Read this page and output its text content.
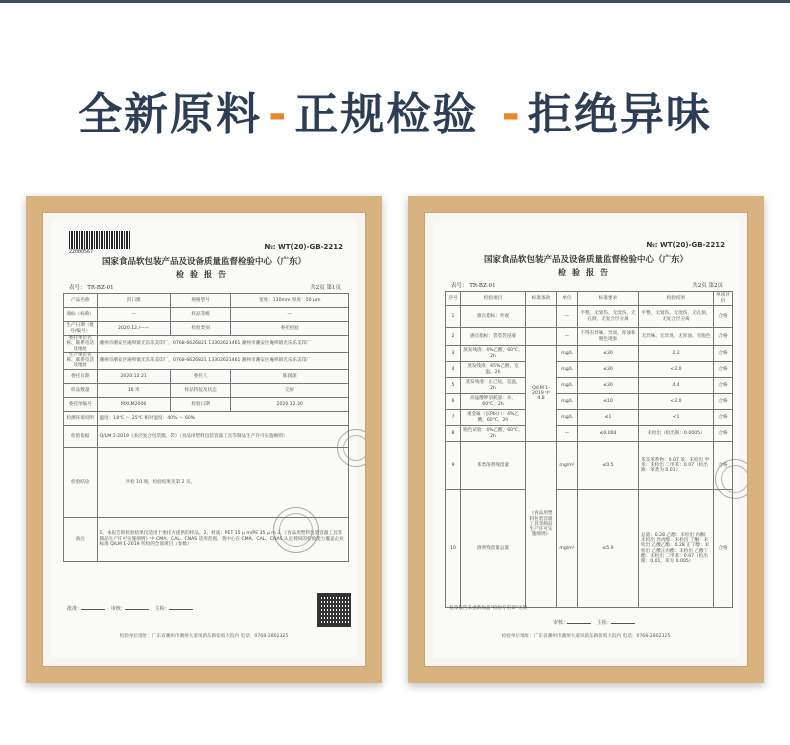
全新原料 - 正规检验 - 拒绝异味
22000567
№: WT(20)-GB-2212
国家食品软包装产品及设备质量监督检验中心（广东）
检验报告
表号： TR-BZ-01	共2页 第1页
产品名称	封口膜	规格型号	宽度：130mm 厚度：50 μm
商标（标称）	—	样品等级	—
生产日期（批号/编号）	2020.12./——	检验类别	委托检验
委托单位名称、联系电话及地址	潮州市潮安区庵埠镇光乐乐美印厂，0768-6626821 13302621461 潮州市潮安区庵埠镇光乐乐美印厂		
生产单位名称、联系电话及地址	潮州市潮安区庵埠镇光乐乐美印厂，0768-6626821 13302621461 潮州市潮安区庵埠镇光乐乐美印厂		
委托日期	2020.12.21	委托人	陈润深
样品数量	10 米	样品特征及状态	完好
委托单编号	MXLM2006	检验日期	2020.12.30
检测环境说明	温度：18℃ ～ 25℃ 相对湿度：40% ～ 60%		
检验依据	Q/LM 1-2019《多层复合包装膜、袋》（食品用塑料包装容器工具等制品生产许可实施细则）		
检验结论	共检 10 项，检验结果见第 2 页。		
备注	1、本报告的检验结果仅适用于委托方提供的样品。2、材质：PET 15 μ m/PE 35 μ m 3、《食品用塑料包装容器工具等制品生产许可实施细则》中 CMA、CAL、CNAS 适用范围，我中心在 CMA、CAL、CNAS 认定授权的检验能力覆盖企业标准 Q/LM 1-2019 所检的全部项目（参数）		
批准：	审核：	主检：
检验单位地址：广东省潮州市潮州大道凤新东路张岐大院内 电话：0768-2802325
№: WT(20)-GB-2212
国家食品软包装产品及设备质量监督检验中心（广东）
检验报告
表号： TR-BZ-01	共2页 第2页
序号	检验项目	标准条款	单位	标准要求	检验结果	单项评价
1	感官指标：外观		—	平整，无划伤、无烫伤、无孔洞，无复合层分离	平整，无划伤、无烫伤、无孔洞，无复合层分离	合格
2	感官指标：袋装袋浸液		—	不得有异味、异臭、浑浊和脱色现象	无异味、无异臭、无浑浊、无脱色	合格
3	蒸发残渣：4%乙酸，60℃，2h	Q/LM 1-2019 中 4.8	mg/L	≤30	2.2	合格
4	蒸发残渣：65%乙醇，室温，2h		mg/L	≤30	<2.0	合格
5	蒸发残渣：正己烷，室温，2h		mg/L	≤30	4.4	合格
6	高锰酸钾消耗量：水，60℃，2h		mg/L	≤10	<2.0	合格
7	重金属（以Pb计）：4%乙酸，60℃，2h		mg/L	≤1	<1	合格
8	脱色试验：4%乙酸，60℃，2h		—	≤0.004	未检出（检出限：0.0005）	合格
9	苯类溶剂残留量	《食品用塑料包装容器工具等制品生产许可实施细则》	mg/m²	≤0.5	苯及苯系物：0.07 苯：未检出 甲苯：未检出 二甲苯：0.07（检出限：苯类为 0.01）	合格
10	溶剂残留量总量		mg/m²	≤5.0	总量：0.28 乙醇：未检出 丙酮：未检出 异丙醇：未检出 丁酮：未检出 乙酸乙酯：0.28 正丁醇：未检出 乙酸正丙酯：未检出 乙酸丁酯：未检出 二甲苯：0.07（检出限：0.01，苯为 0.005）	合格
复印报告未重新加盖“检验专用章”无效
审核：	主检：
检验单位地址：广东省潮州市潮州大道凤新东路张岐大院内 电话：0768-2802325
